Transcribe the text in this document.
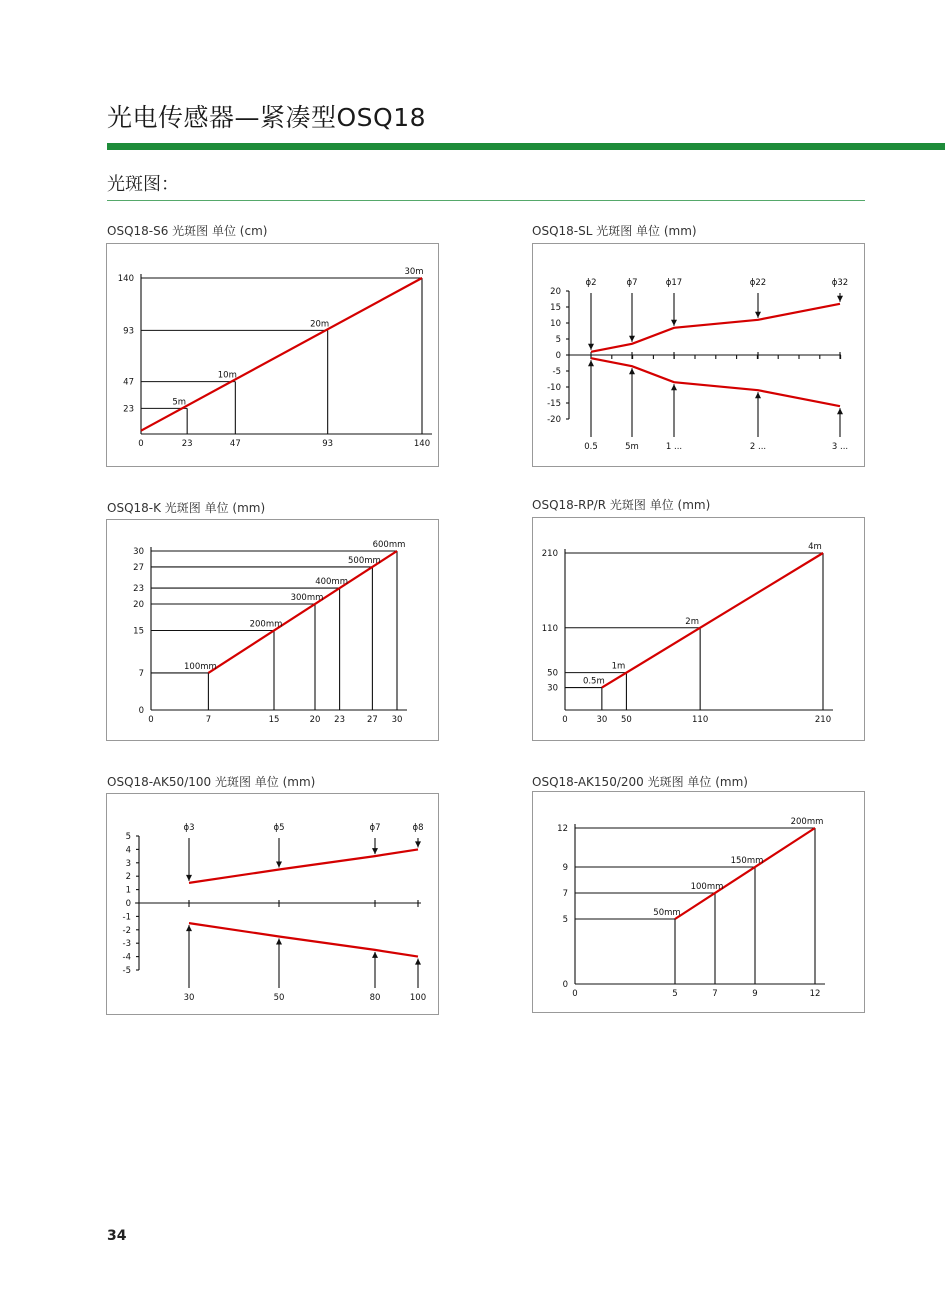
光电传感器—紧凑型OSQ18
光斑图：
OSQ18-S6 光斑图 单位 (cm)	OSQ18-SL 光斑图 单位 (mm)
OSQ18-K 光斑图 单位 (mm)	OSQ18-RP/R 光斑图 单位 (mm)
OSQ18-AK50/100 光斑图 单位 (mm)	OSQ18-AK150/200 光斑图 单位 (mm)
5m
10m
20m
30m
0	23	47	93	140
23
47
93
140
20
15
10
5
0
-5
-10
-15
-20
ϕ2
0.5
ϕ7
5m
ϕ17
1 ...
ϕ22
2 ...
ϕ32
3 ...
100mm
200mm
300mm
400mm
500mm
600mm
0	7	15	20 23	27 30
0
7
15
20
23
27
30
0.5m
1m
2m
4m
0	30 50	110	210
30
50
110
210
5
4
3
2
1
0
-1
-2
-3
-4
-5
ϕ3
30
ϕ5
50
ϕ7
80
ϕ8
100
50mm
100mm
150mm
200mm
0	5	7	9	12
0
5
7
9
12
34
